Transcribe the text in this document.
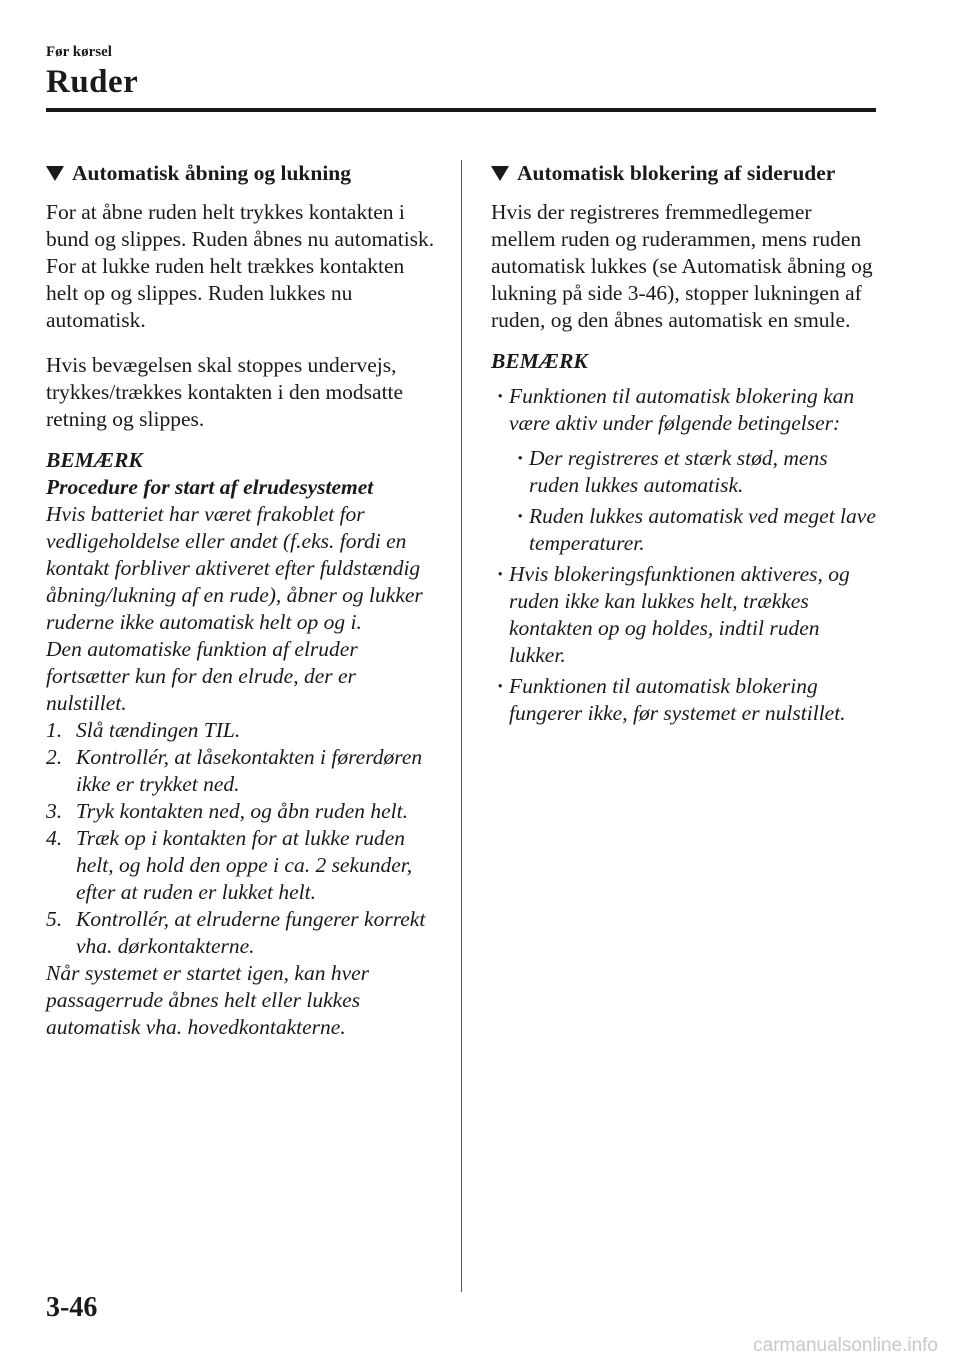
Før kørsel
Ruder
Automatisk åbning og lukning

For at åbne ruden helt trykkes kontakten i bund og slippes. Ruden åbnes nu automatisk.

For at lukke ruden helt trækkes kontakten helt op og slippes. Ruden lukkes nu automatisk.

Hvis bevægelsen skal stoppes undervejs, trykkes/trækkes kontakten i den modsatte retning og slippes.

BEMÆRK

Procedure for start af elrudesystemet

Hvis batteriet har været frakoblet for vedligeholdelse eller andet (f.eks. fordi en kontakt forbliver aktiveret efter fuldstændig åbning/lukning af en rude), åbner og lukker ruderne ikke automatisk helt op og i.

Den automatiske funktion af elruder fortsætter kun for den elrude, der er nulstillet.

1. Slå tændingen TIL.
2. Kontrollér, at låsekontakten i førerdøren ikke er trykket ned.
3. Tryk kontakten ned, og åbn ruden helt.
4. Træk op i kontakten for at lukke ruden helt, og hold den oppe i ca. 2 sekunder, efter at ruden er lukket helt.
5. Kontrollér, at elruderne fungerer korrekt vha. dørkontakterne.

Når systemet er startet igen, kan hver passagerrude åbnes helt eller lukkes automatisk vha. hovedkontakterne.

Automatisk blokering af sideruder

Hvis der registreres fremmedlegemer mellem ruden og ruderammen, mens ruden automatisk lukkes (se Automatisk åbning og lukning på side 3-46), stopper lukningen af ruden, og den åbnes automatisk en smule.

BEMÆRK

· Funktionen til automatisk blokering kan være aktiv under følgende betingelser:
· Der registreres et stærk stød, mens ruden lukkes automatisk.
· Ruden lukkes automatisk ved meget lave temperaturer.
· Hvis blokeringsfunktionen aktiveres, og ruden ikke kan lukkes helt, trækkes kontakten op og holdes, indtil ruden lukker.
· Funktionen til automatisk blokering fungerer ikke, før systemet er nulstillet.
3-46
carmanualsonline.info
